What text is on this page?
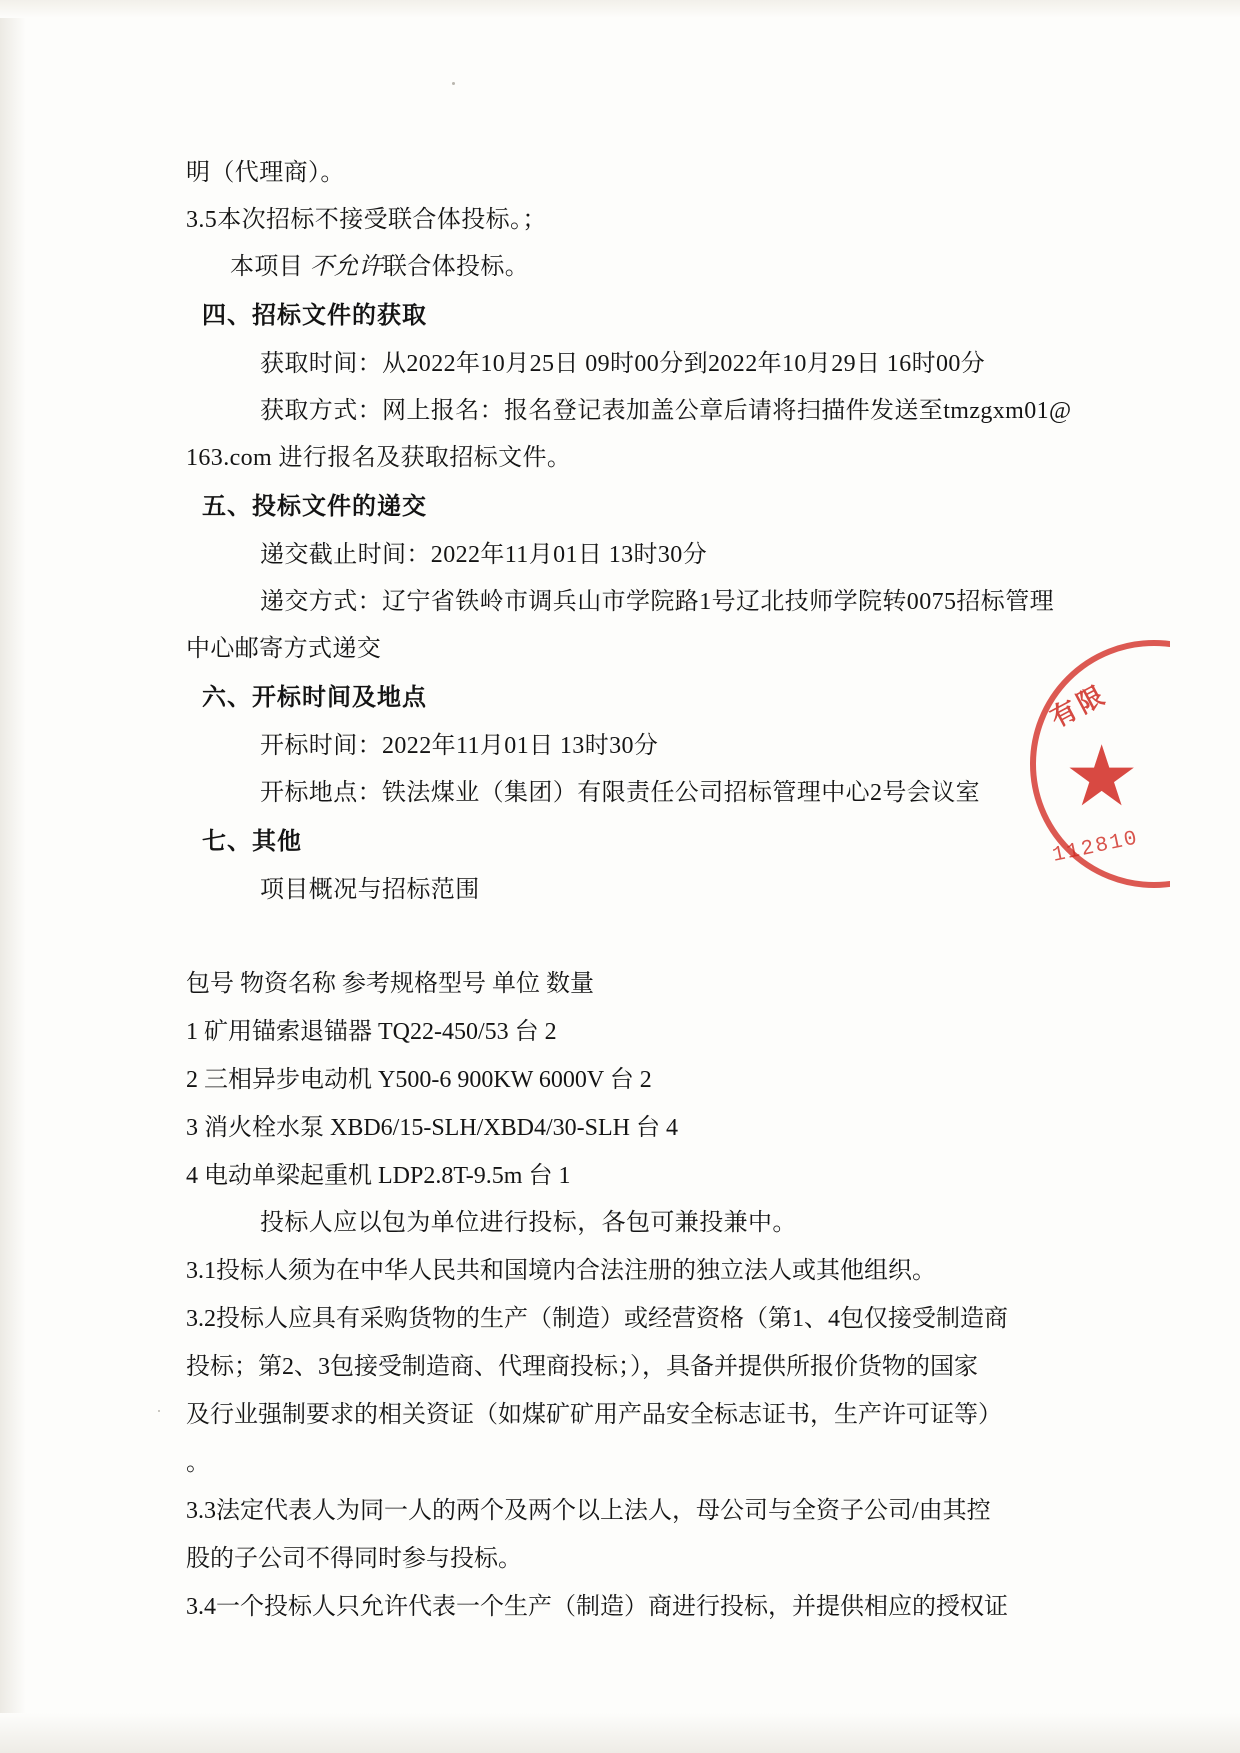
明（代理商）。
3.5本次招标不接受联合体投标。；
本项目 不允许联合体投标。
四、招标文件的获取
获取时间：从2022年10月25日 09时00分到2022年10月29日 16时00分
获取方式：网上报名：报名登记表加盖公章后请将扫描件发送至tmzgxm01@
163.com 进行报名及获取招标文件。
五、投标文件的递交
递交截止时间：2022年11月01日 13时30分
递交方式：辽宁省铁岭市调兵山市学院路1号辽北技师学院转0075招标管理
中心邮寄方式递交
六、开标时间及地点
开标时间：2022年11月01日 13时30分
开标地点：铁法煤业（集团）有限责任公司招标管理中心2号会议室
七、其他
项目概况与招标范围
包号 物资名称 参考规格型号 单位 数量
1 矿用锚索退锚器 TQ22-450/53 台 2
2 三相异步电动机 Y500-6 900KW 6000V 台 2
3 消火栓水泵 XBD6/15-SLH/XBD4/30-SLH 台 4
4 电动单梁起重机 LDP2.8T-9.5m 台 1
投标人应以包为单位进行投标，各包可兼投兼中。
3.1投标人须为在中华人民共和国境内合法注册的独立法人或其他组织。
3.2投标人应具有采购货物的生产（制造）或经营资格（第1、4包仅接受制造商
投标；第2、3包接受制造商、代理商投标；），具备并提供所报价货物的国家
及行业强制要求的相关资证（如煤矿矿用产品安全标志证书，生产许可证等）
。
3.3法定代表人为同一人的两个及两个以上法人，母公司与全资子公司/由其控
股的子公司不得同时参与投标。
3.4一个投标人只允许代表一个生产（制造）商进行投标，并提供相应的授权证
有限
★
112810
